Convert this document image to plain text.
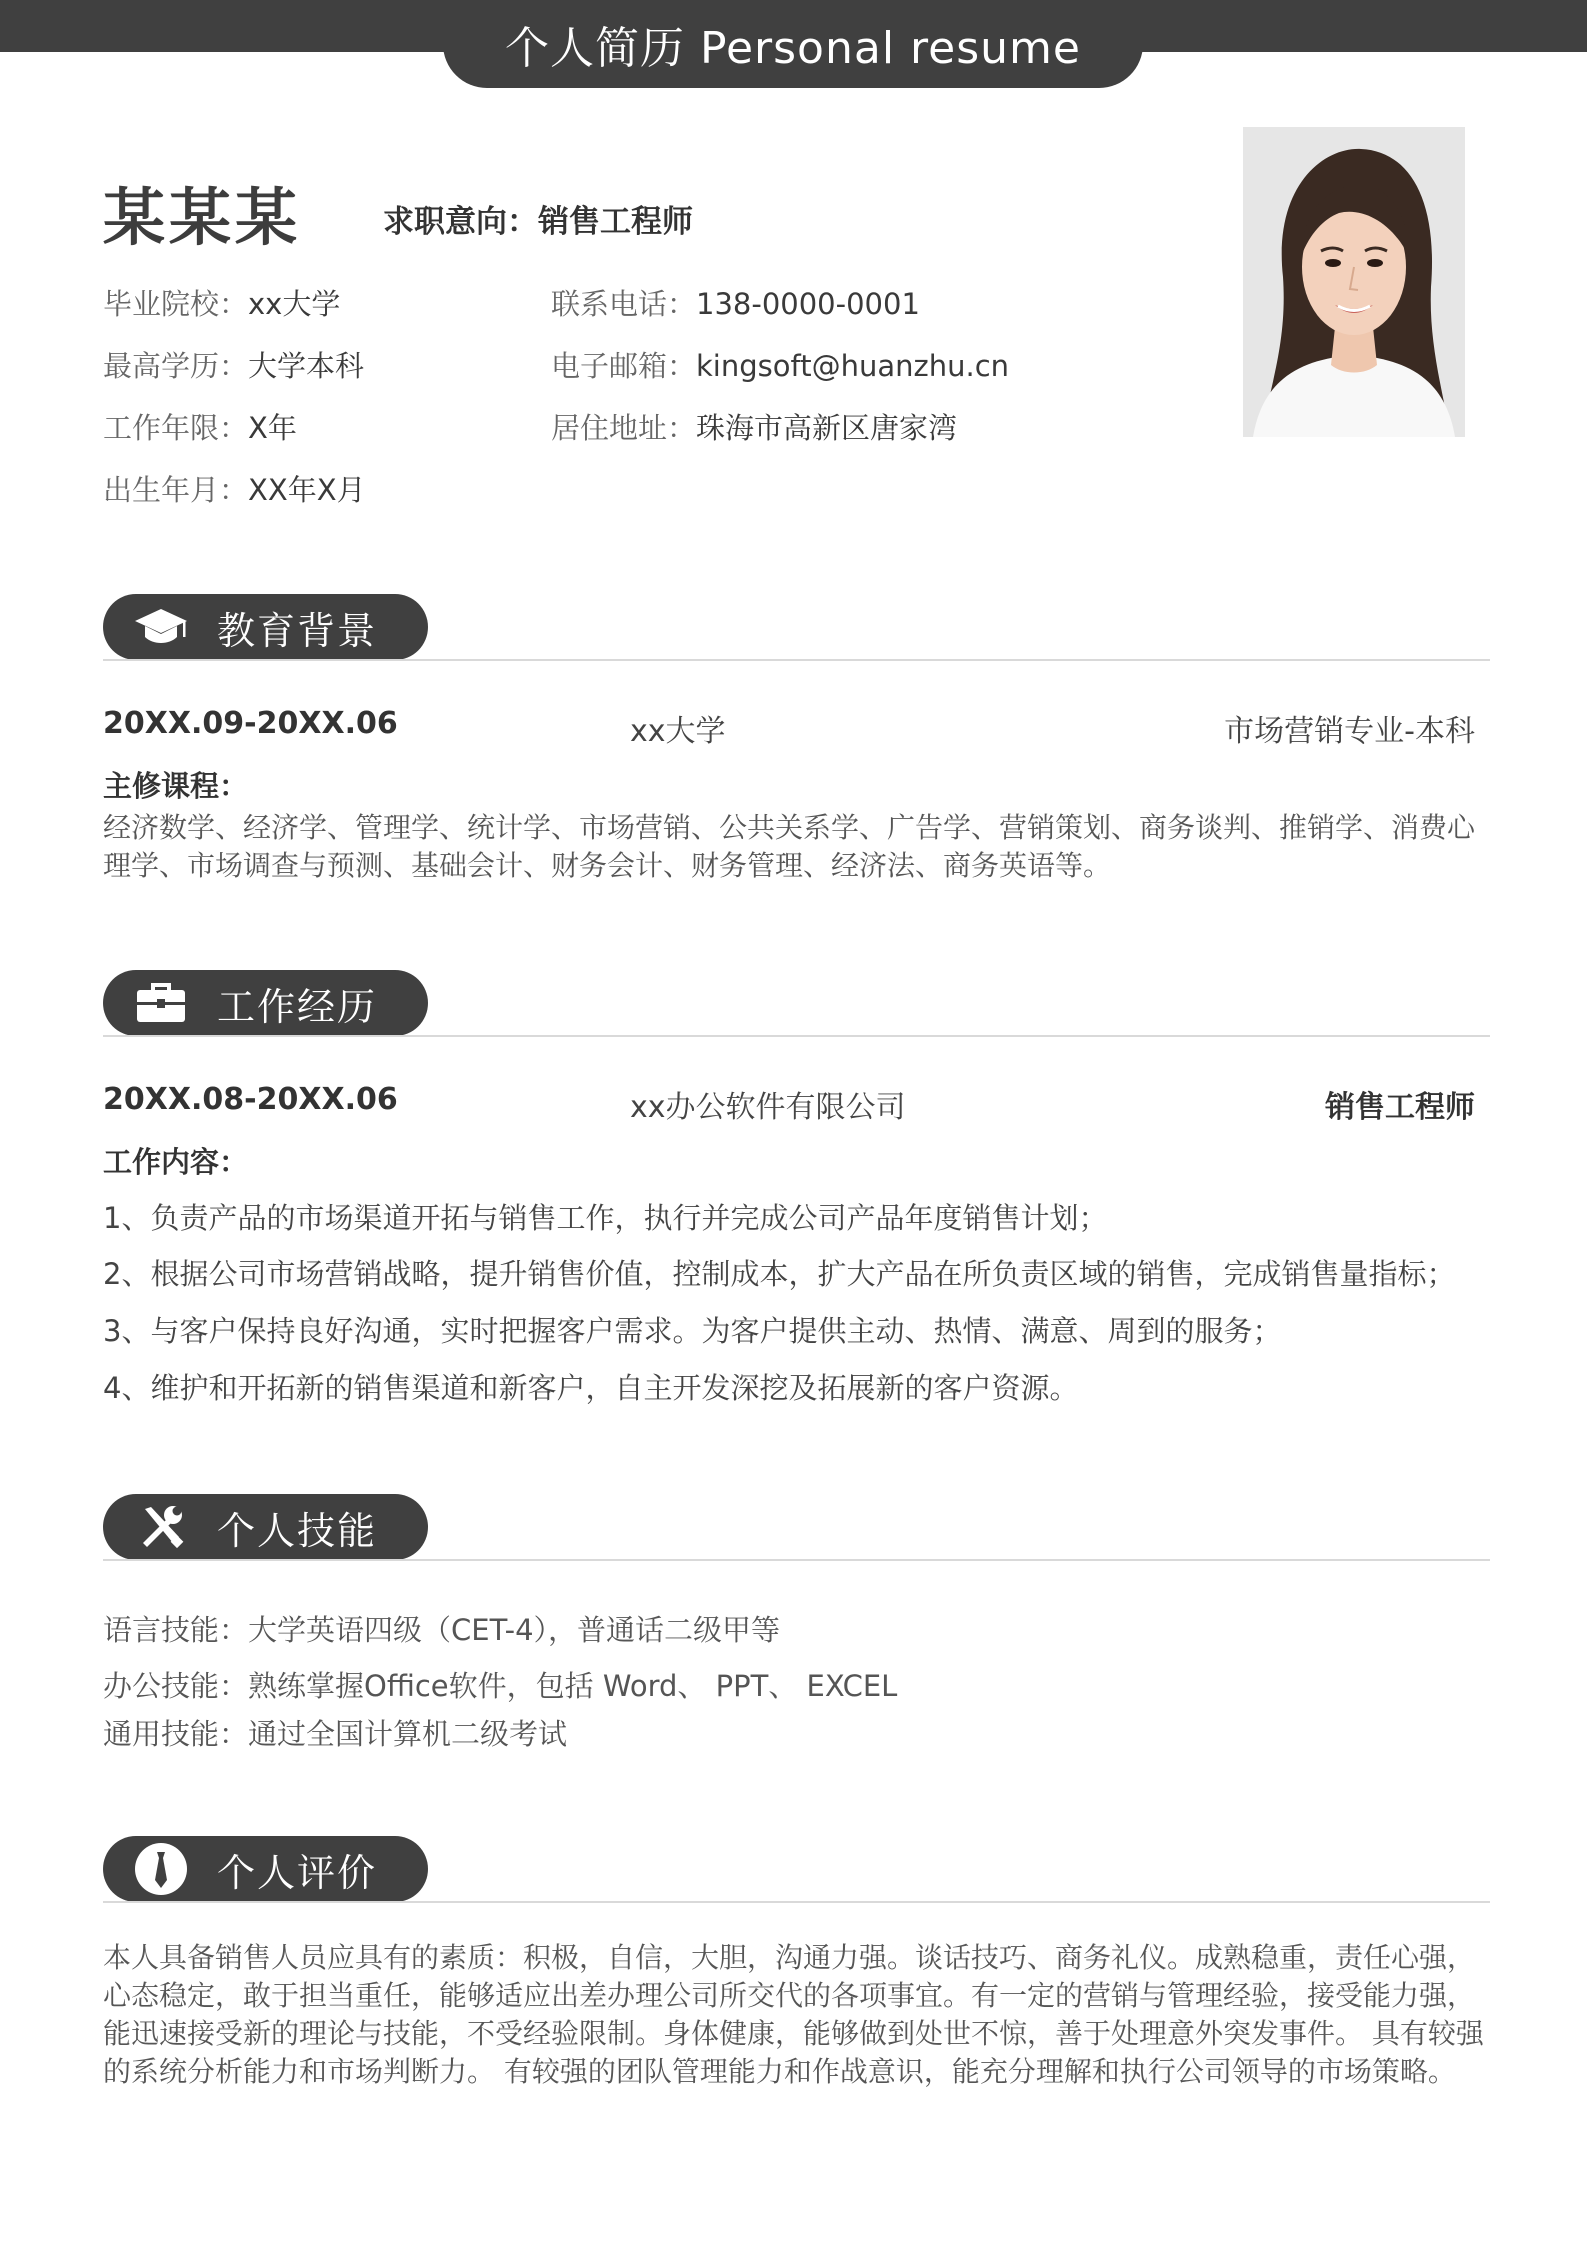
个人简历 Personal resume
某某某	求职意向：销售工程师
毕业院校：xx大学
最高学历：大学本科
工作年限：X年
出生年月：XX年X月
联系电话：138-0000-0001
电子邮箱：kingsoft@huanzhu.cn
居住地址：珠海市高新区唐家湾
教育背景
20XX.09-20XX.06	xx大学	市场营销专业-本科
主修课程：
经济数学、经济学、管理学、统计学、市场营销、公共关系学、广告学、营销策划、商务谈判、推销学、消费心理学、市场调查与预测、基础会计、财务会计、财务管理、经济法、商务英语等。
工作经历
20XX.08-20XX.06	xx办公软件有限公司	销售工程师
工作内容：
1、负责产品的市场渠道开拓与销售工作，执行并完成公司产品年度销售计划；
2、根据公司市场营销战略，提升销售价值，控制成本，扩大产品在所负责区域的销售，完成销售量指标；
3、与客户保持良好沟通，实时把握客户需求。为客户提供主动、热情、满意、周到的服务；
4、维护和开拓新的销售渠道和新客户，自主开发深挖及拓展新的客户资源。
个人技能
语言技能：大学英语四级（CET-4），普通话二级甲等
办公技能：熟练掌握Office软件，包括 Word、 PPT、 EXCEL
通用技能：通过全国计算机二级考试
个人评价
本人具备销售人员应具有的素质：积极，自信，大胆，沟通力强。谈话技巧、商务礼仪。成熟稳重，责任心强，心态稳定，敢于担当重任，能够适应出差办理公司所交代的各项事宜。有一定的营销与管理经验，接受能力强，能迅速接受新的理论与技能，不受经验限制。身体健康，能够做到处世不惊，善于处理意外突发事件。 具有较强的系统分析能力和市场判断力。 有较强的团队管理能力和作战意识，能充分理解和执行公司领导的市场策略。
